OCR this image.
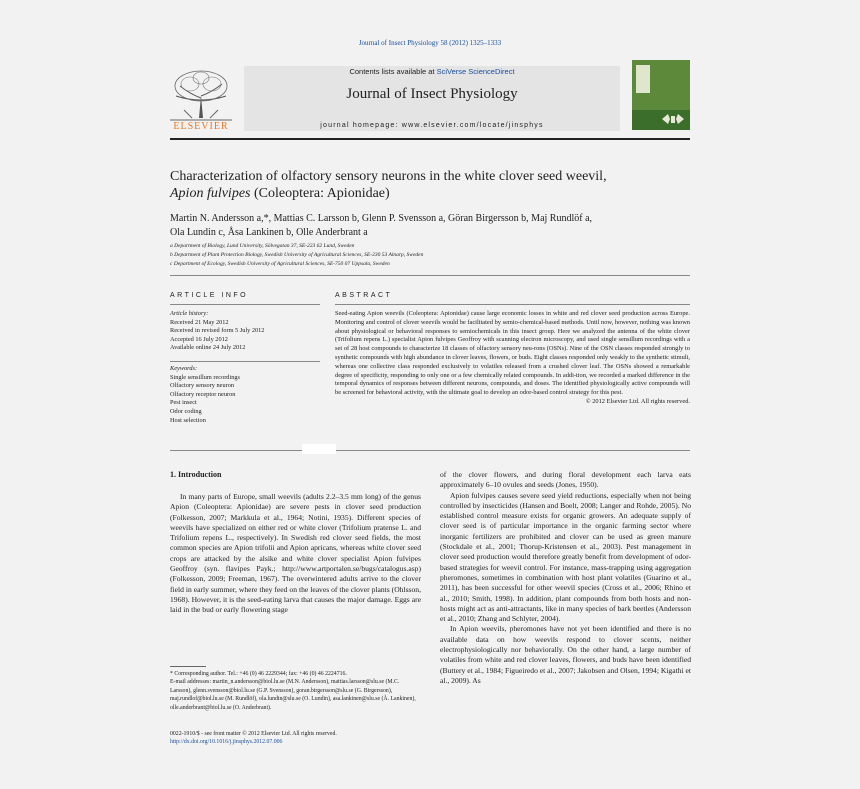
Journal of Insect Physiology 58 (2012) 1325–1333
ELSEVIER
Contents lists available at SciVerse ScienceDirect
Journal of Insect Physiology
journal homepage: www.elsevier.com/locate/jinsphys
Characterization of olfactory sensory neurons in the white clover seed weevil,
Apion fulvipes (Coleoptera: Apionidae)
Martin N. Andersson a,*, Mattias C. Larsson b, Glenn P. Svensson a, Göran Birgersson b, Maj Rundlöf a,
Ola Lundin c, Åsa Lankinen b, Olle Anderbrant a
a Department of Biology, Lund University, Sölvegatan 37, SE-223 62 Lund, Sweden
b Department of Plant Protection Biology, Swedish University of Agricultural Sciences, SE-230 53 Alnarp, Sweden
c Department of Ecology, Swedish University of Agricultural Sciences, SE-750 07 Uppsala, Sweden
ARTICLE INFO	ABSTRACT
Article history:
Received 21 May 2012
Received in revised form 5 July 2012
Accepted 16 July 2012
Available online 24 July 2012
Keywords:
Single sensillum recordings
Olfactory sensory neuron
Olfactory receptor neuron
Pest insect
Odor coding
Host selection

Seed-eating Apion weevils (Coleoptera: Apionidae) cause large economic losses in white and red clover seed production across Europe. Monitoring and control of clover weevils would be facilitated by semio-chemical-based methods. Until now, however, nothing was known about physiological or behavioral responses to semiochemicals in this insect group. Here we analyzed the antenna of the white clover (Trifolium repens L.) specialist Apion fulvipes Geoffroy with scanning electron microscopy, and used single sensillum recordings with a set of 28 host compounds to characterize 18 classes of olfactory sensory neu-rons (OSNs). Nine of the OSN classes responded strongly to synthetic compounds with high abundance in clover leaves, flowers, or buds. Eight classes responded only weakly to the synthetic stimuli, whereas one collective class responded exclusively to volatiles released from a crushed clover leaf. The OSNs showed a remarkable degree of specificity, responding to only one or a few chemically related compounds. In addi-tion, we recorded a marked difference in the temporal dynamics of responses between different neurons, compounds, and doses. The identified physiologically active compounds will be screened for behavioral activity, with the ultimate goal to develop an odor-based control strategy for this pest.

© 2012 Elsevier Ltd. All rights reserved.

1. Introduction
In many parts of Europe, small weevils (adults 2.2–3.5 mm long) of the genus Apion (Coleoptera: Apionidae) are severe pests in clover seed production (Folkesson, 2007; Markkula et al., 1964; Notini, 1935). Different species of weevils have specialized on either red or white clover (Trifolium pratense L. and Trifolium repens L., respectively). In Swedish red clover seed fields, the most common species are Apion trifolii and Apion apricans, whereas white clover seed crops are attacked by the alsike and white clover specialist Apion fulvipes Geoffroy (syn. flavipes Payk.; http://www.artportalen.se/bugs/catalogus.asp) (Folkesson, 2009; Freeman, 1967). The overwintered adults arrive to the clover field in early summer, where they feed on the leaves of the clover plants (Ohlsson, 1968). However, it is the seed-eating larva that causes the major damage. Eggs are laid in the bud or early flowering stage

of the clover flowers, and during floral development each larva eats approximately 6–10 ovules and seeds (Jones, 1950).

Apion fulvipes causes severe seed yield reductions, especially when not being controlled by insecticides (Hansen and Boelt, 2008; Langer and Rohde, 2005). No established control measure exists for organic growers. An adequate supply of clover seed is of particular importance in the organic farming sector where inorganic fertilizers are prohibited and clover can be used as green manure (Stockdale et al., 2001; Thorup-Kristensen et al., 2003). Pest management in clover seed production would therefore greatly benefit from development of odor-based strategies for weevil control. For instance, mass-trapping using aggregation pheromones, sometimes in combination with host plant volatiles (Guarino et al., 2011), has been successful for other weevil species (Cross et al., 2006; Rhino et al., 2010; Smith, 1998). In addition, plant compounds from both hosts and non-hosts might act as anti-attractants, like in many species of bark beetles (Andersson et al., 2010; Zhang and Schlyter, 2004).
In Apion weevils, pheromones have not yet been identified and there is no available data on how weevils respond to clover scents, neither electrophysiologically nor behaviorally. On the other hand, a large number of volatiles from white and red clover leaves, flowers, and buds have been identified (Buttery et al., 1984; Figueiredo et al., 2007; Jakobsen and Olsen, 1994; Kigathi et al., 2009). As
* Corresponding author. Tel.: +46 (0) 46 2229344; fax: +46 (0) 46 2224716.
E-mail addresses: martin_n.andersson@biol.lu.se (M.N. Andersson), mattias.larsson@slu.se (M.C. Larsson), glenn.svensson@biol.lu.se (G.P. Svensson), goran.birgersson@slu.se (G. Birgersson), maj.rundlof@biol.lu.se (M. Rundlöf), ola.lundin@slu.se (O. Lundin), asa.lankinen@slu.se (Å. Lankinen), olle.anderbrant@biol.lu.se (O. Anderbrant).
0022-1910/$ - see front matter © 2012 Elsevier Ltd. All rights reserved.
http://dx.doi.org/10.1016/j.jinsphys.2012.07.006
